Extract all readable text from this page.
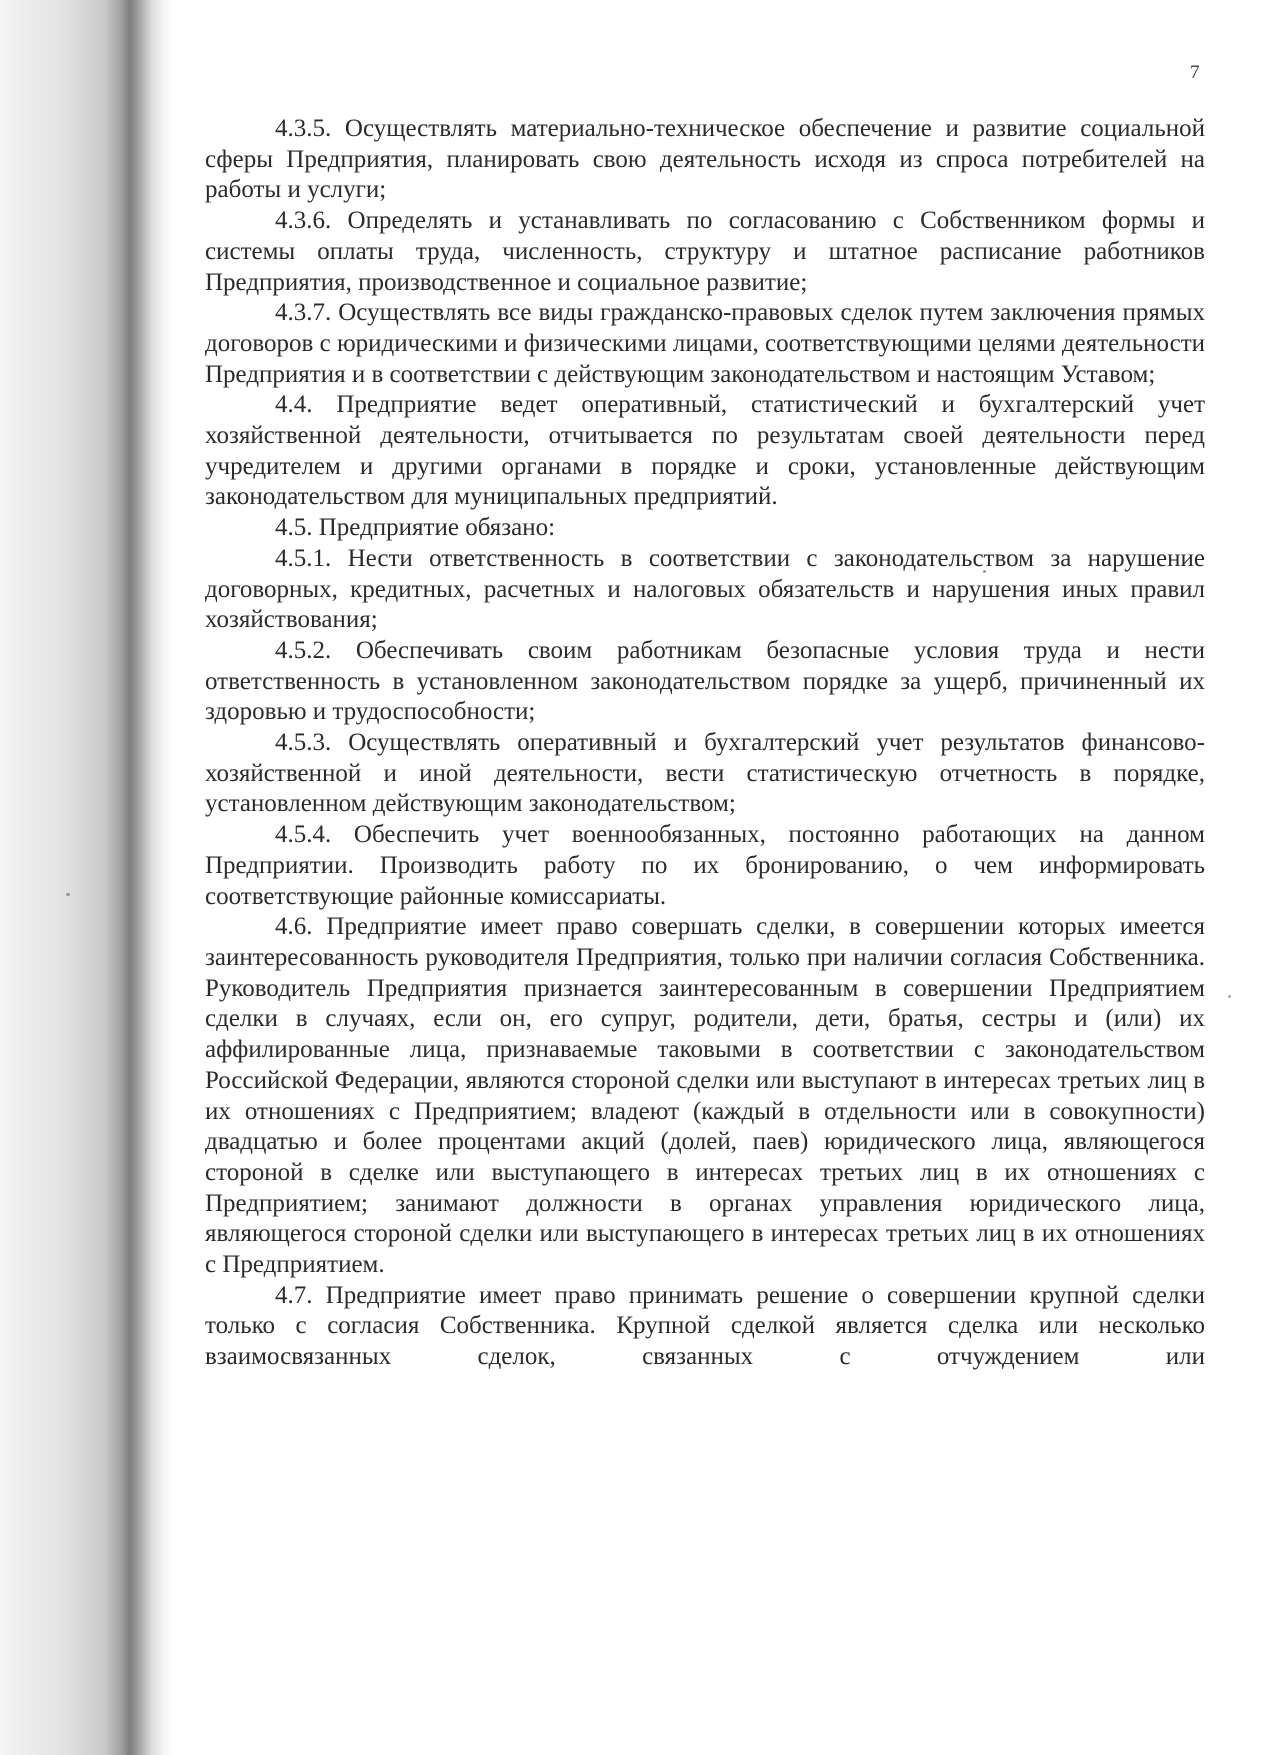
7

4.3.5. Осуществлять материально-техническое обеспечение и развитие социальной сферы Предприятия, планировать свою деятельность исходя из спроса потребителей на работы и услуги;

4.3.6. Определять и устанавливать по согласованию с Собственником формы и системы оплаты труда, численность, структуру и штатное расписание работников Предприятия, производственное и социальное развитие;

4.3.7. Осуществлять все виды гражданско-правовых сделок путем заключения прямых договоров с юридическими и физическими лицами, соответствующими целями деятельности Предприятия и в соответствии с действующим законодательством и настоящим Уставом;

4.4. Предприятие ведет оперативный, статистический и бухгалтерский учет хозяйственной деятельности, отчитывается по результатам своей деятельности перед учредителем и другими органами в порядке и сроки, установленные действующим законодательством для муниципальных предприятий.

4.5. Предприятие обязано:

4.5.1. Нести ответственность в соответствии с законодательством за нарушение договорных, кредитных, расчетных и налоговых обязательств и нарушения иных правил хозяйствования;

4.5.2. Обеспечивать своим работникам безопасные условия труда и нести ответственность в установленном законодательством порядке за ущерб, причиненный их здоровью и трудоспособности;

4.5.3. Осуществлять оперативный и бухгалтерский учет результатов финансово-хозяйственной и иной деятельности, вести статистическую отчетность в порядке, установленном действующим законодательством;

4.5.4. Обеспечить учет военнообязанных, постоянно работающих на данном Предприятии. Производить работу по их бронированию, о чем информировать соответствующие районные комиссариаты.

4.6. Предприятие имеет право совершать сделки, в совершении которых имеется заинтересованность руководителя Предприятия, только при наличии согласия Собственника. Руководитель Предприятия признается заинтересованным в совершении Предприятием сделки в случаях, если он, его супруг, родители, дети, братья, сестры и (или) их аффилированные лица, признаваемые таковыми в соответствии с законодательством Российской Федерации, являются стороной сделки или выступают в интересах третьих лиц в их отношениях с Предприятием; владеют (каждый в отдельности или в совокупности) двадцатью и более процентами акций (долей, паев) юридического лица, являющегося стороной в сделке или выступающего в интересах третьих лиц в их отношениях с Предприятием; занимают должности в органах управления юридического лица, являющегося стороной сделки или выступающего в интересах третьих лиц в их отношениях с Предприятием.

4.7. Предприятие имеет право принимать решение о совершении крупной сделки только с согласия Собственника. Крупной сделкой является сделка или несколько взаимосвязанных сделок, связанных с отчуждением или
